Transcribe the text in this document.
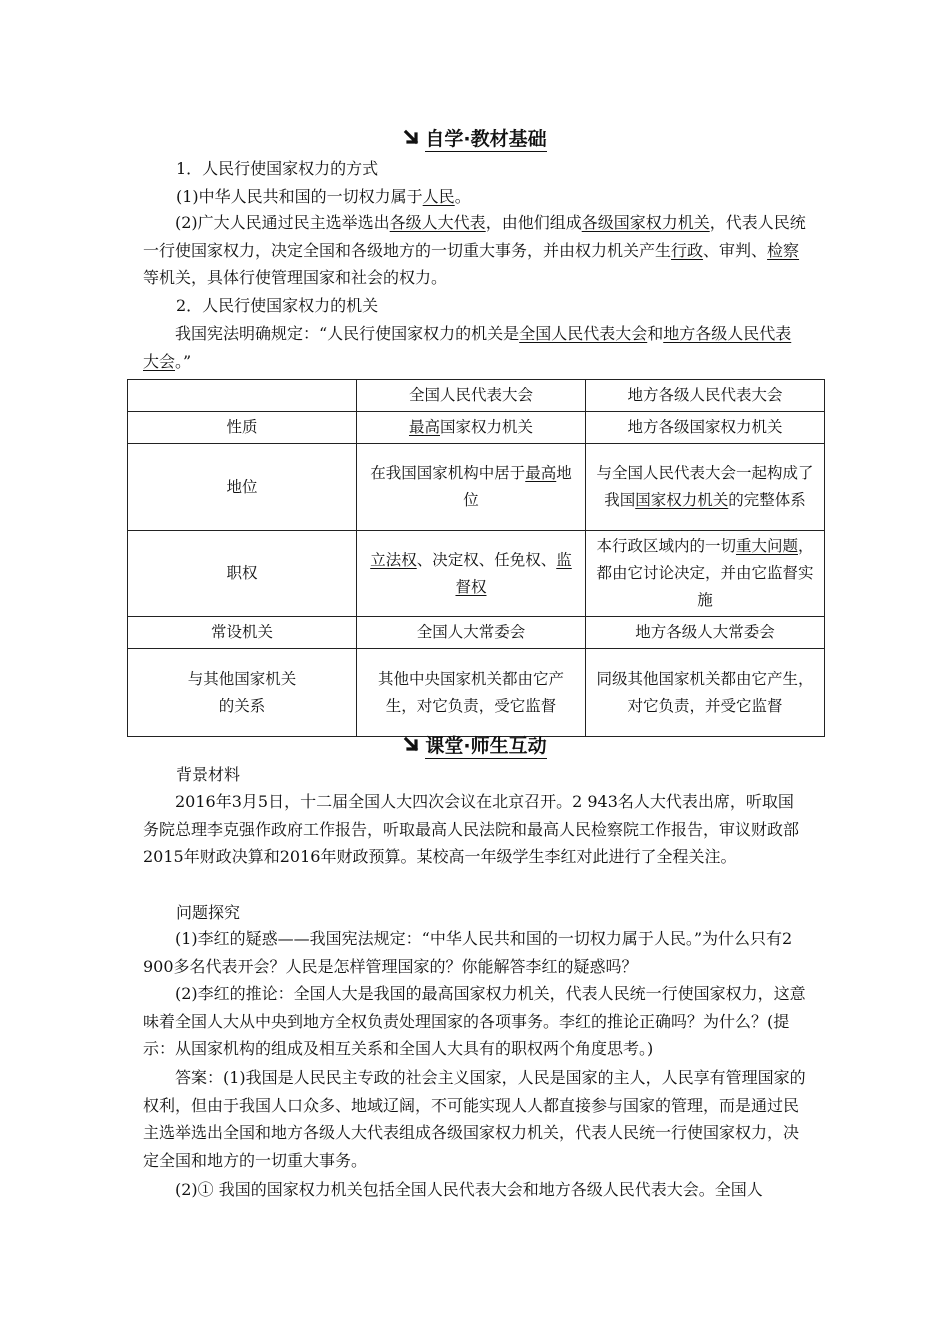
自学·教材基础
1．人民行使国家权力的方式
(1)中华人民共和国的一切权力属于人民。
(2)广大人民通过民主选举选出各级人大代表，由他们组成各级国家权力机关，代表人民统一行使国家权力，决定全国和各级地方的一切重大事务，并由权力机关产生行政、审判、检察等机关，具体行使管理国家和社会的权力。
2．人民行使国家权力的机关
我国宪法明确规定：“人民行使国家权力的机关是全国人民代表大会和地方各级人民代表大会。”
	全国人民代表大会	地方各级人民代表大会
性质	最高国家权力机关	地方各级国家权力机关
地位	在我国国家机构中居于最高地位	与全国人民代表大会一起构成了我国国家权力机关的完整体系
职权	立法权、决定权、任免权、监督权	本行政区域内的一切重大问题，都由它讨论决定，并由它监督实施
常设机关	全国人大常委会	地方各级人大常委会
与其他国家机关的关系	其他中央国家机关都由它产生，对它负责，受它监督	同级其他国家机关都由它产生，对它负责，并受它监督
课堂·师生互动
背景材料
2016年3月5日，十二届全国人大四次会议在北京召开。2 943名人大代表出席，听取国务院总理李克强作政府工作报告，听取最高人民法院和最高人民检察院工作报告，审议财政部2015年财政决算和2016年财政预算。某校高一年级学生李红对此进行了全程关注。
问题探究
(1)李红的疑惑——我国宪法规定：“中华人民共和国的一切权力属于人民。”为什么只有2 900多名代表开会？人民是怎样管理国家的？你能解答李红的疑惑吗？
(2)李红的推论：全国人大是我国的最高国家权力机关，代表人民统一行使国家权力，这意味着全国人大从中央到地方全权负责处理国家的各项事务。李红的推论正确吗？为什么？(提示：从国家机构的组成及相互关系和全国人大具有的职权两个角度思考。)
答案：(1)我国是人民民主专政的社会主义国家，人民是国家的主人，人民享有管理国家的权利，但由于我国人口众多、地域辽阔，不可能实现人人都直接参与国家的管理，而是通过民主选举选出全国和地方各级人大代表组成各级国家权力机关，代表人民统一行使国家权力，决定全国和地方的一切重大事务。
(2)① 我国的国家权力机关包括全国人民代表大会和地方各级人民代表大会。全国人
